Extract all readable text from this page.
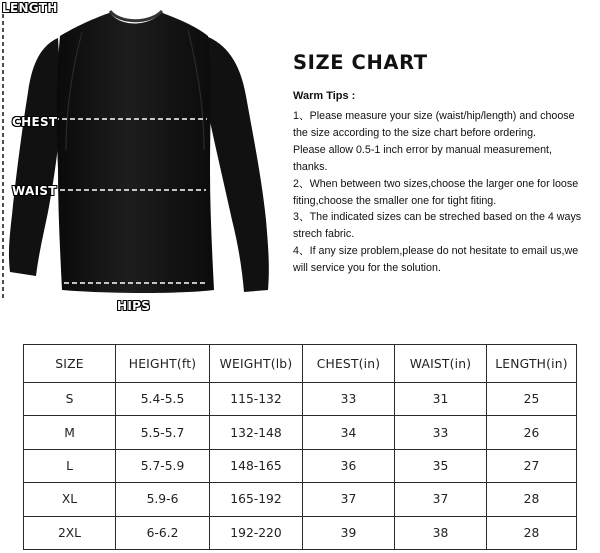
LENGTH
CHEST
WAIST
HIPS
SIZE CHART
Warm Tips :

1、Please measure your size (waist/hip/length) and choose

the size according to the size chart before ordering.

Please allow 0.5-1 inch error by manual measurement,

thanks.

2、When between two sizes,choose the larger one for loose

fiting,choose the smaller one for tight fiting.

3、The indicated sizes can be streched based on the 4 ways

strech fabric.

4、If any size problem,please do not hesitate to email us,we

will service you for the solution.

SIZE	HEIGHT(ft)	WEIGHT(lb)	CHEST(in)	WAIST(in)	LENGTH(in)
S	5.4-5.5	115-132	33	31	25
M	5.5-5.7	132-148	34	33	26
L	5.7-5.9	148-165	36	35	27
XL	5.9-6	165-192	37	37	28
2XL	6-6.2	192-220	39	38	28
